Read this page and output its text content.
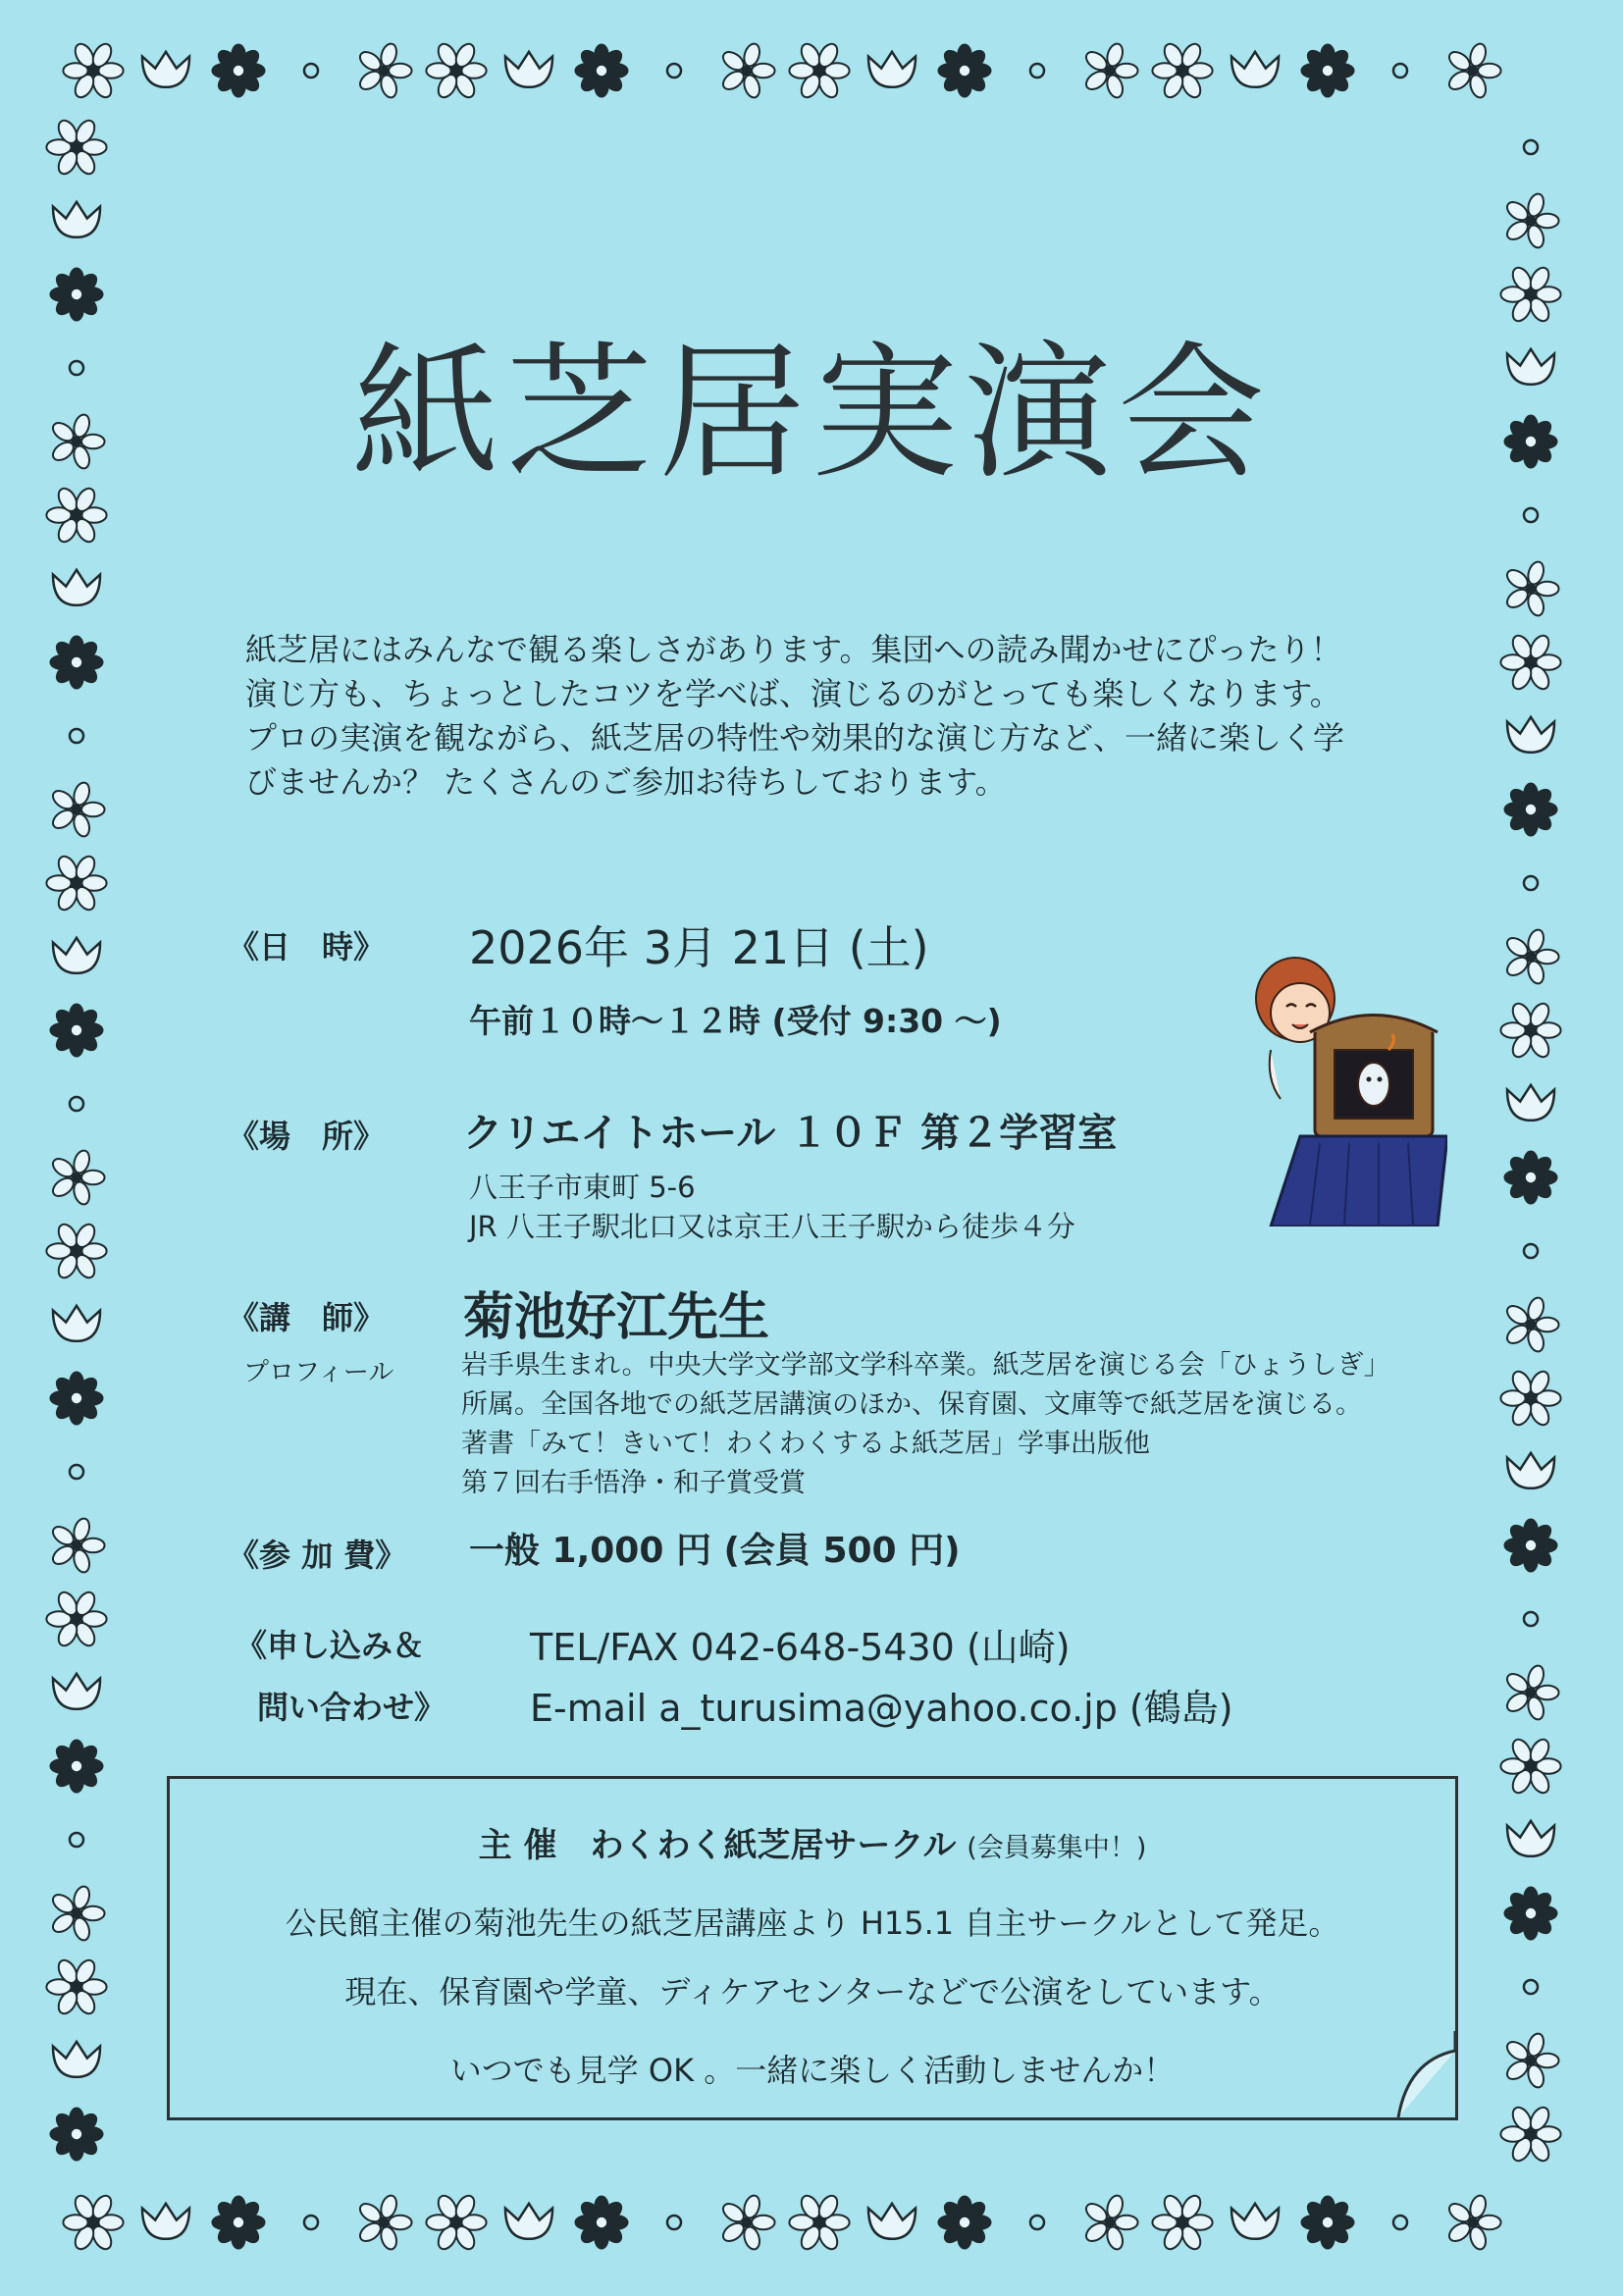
紙芝居実演会

紙芝居にはみんなで観る楽しさがあります。集団への読み聞かせにぴったり！

演じ方も、ちょっとしたコツを学べば、演じるのがとっても楽しくなります。

プロの実演を観ながら、紙芝居の特性や効果的な演じ方など、一緒に楽しく学

びませんか？ たくさんのご参加お待ちしております。

《日　時》 2026年 3月 21日 (土)
午前１０時～１２時 (受付 9:30 ～)
《場　所》 クリエイトホール １０Ｆ 第２学習室
八王子市東町 5-6
JR 八王子駅北口又は京王八王子駅から徒歩４分
《講　師》 菊池好江先生
プロフィール	岩手県生まれ。中央大学文学部文学科卒業。紙芝居を演じる会「ひょうしぎ」

所属。全国各地での紙芝居講演のほか、保育園、文庫等で紙芝居を演じる。

著書「みて！きいて！わくわくするよ紙芝居」学事出版他

第７回右手悟浄・和子賞受賞

《参 加 費》 一般 1,000 円 (会員 500 円)
《申し込み＆
問い合わせ》
TEL/FAX 042-648-5430 (山崎)
E-mail a_turusima@yahoo.co.jp (鶴島)
主 催　わくわく紙芝居サークル (会員募集中！)
公民館主催の菊池先生の紙芝居講座より H15.1 自主サークルとして発足。
現在、保育園や学童、ディケアセンターなどで公演をしています。
いつでも見学 OK 。一緒に楽しく活動しませんか！
